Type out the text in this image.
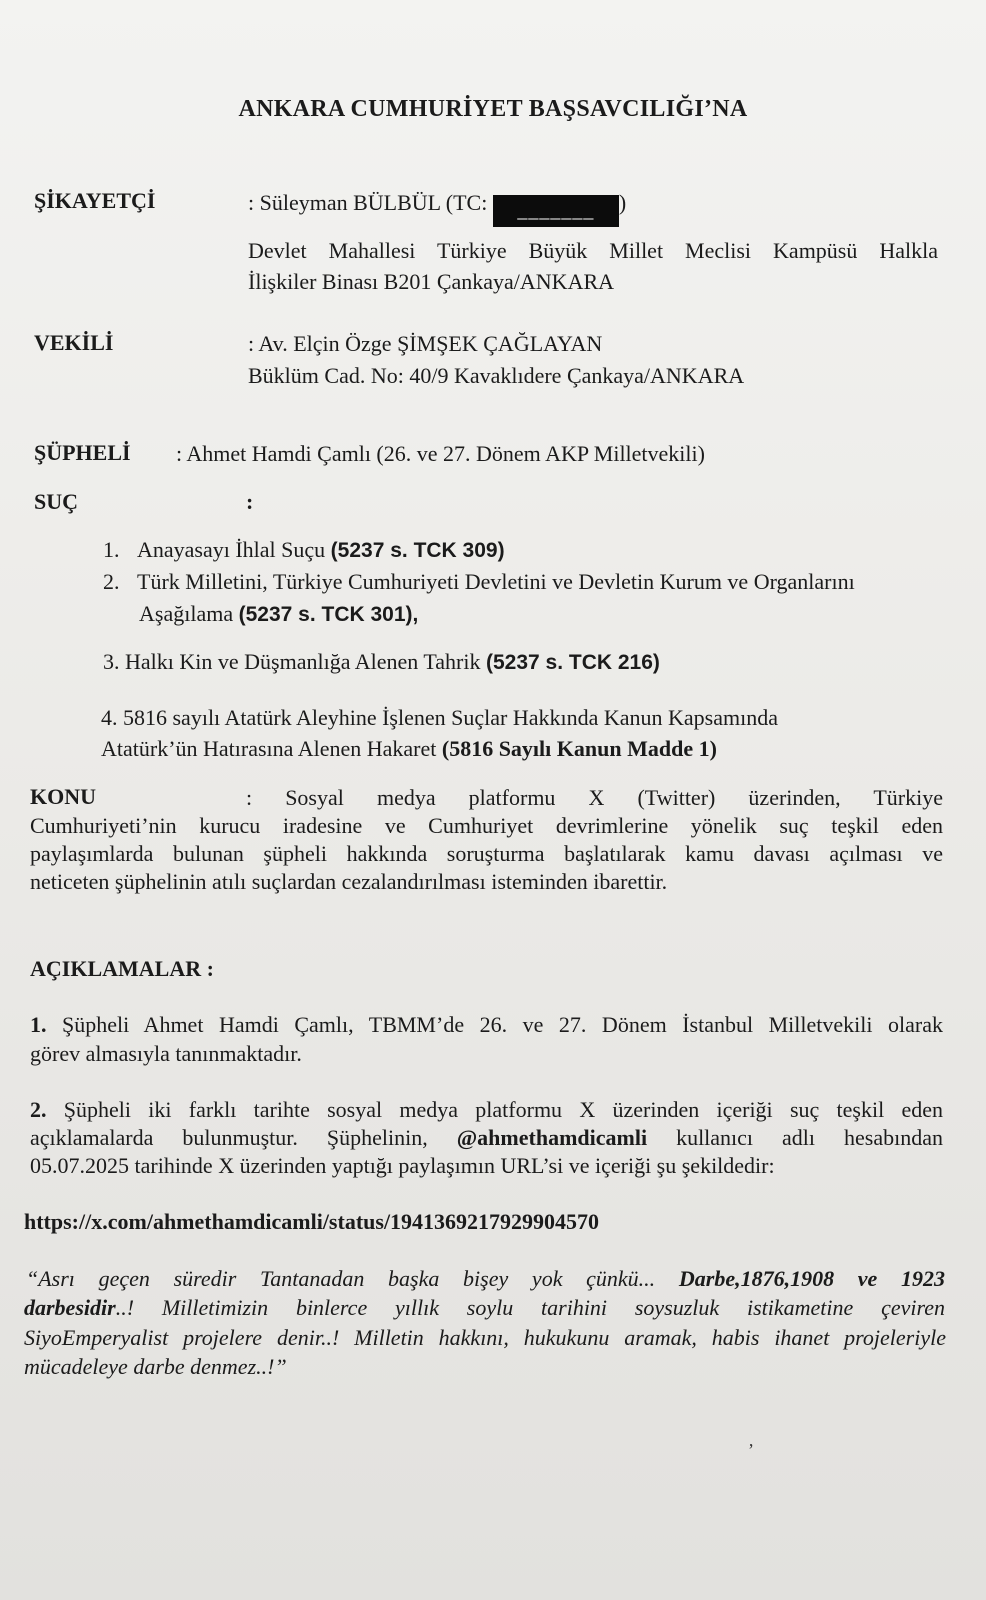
ANKARA CUMHURİYET BAŞSAVCILIĞI’NA
ŞİKAYETÇİ	: Süleyman BÜLBÜL (TC: _______ )
Devlet Mahallesi Türkiye Büyük Millet Meclisi Kampüsü Halkla
İlişkiler Binası B201 Çankaya/ANKARA
VEKİLİ	: Av. Elçin Özge ŞİMŞEK ÇAĞLAYAN
Büklüm Cad. No: 40/9 Kavaklıdere Çankaya/ANKARA
ŞÜPHELİ : Ahmet Hamdi Çamlı (26. ve 27. Dönem AKP Milletvekili)
SUÇ	:
1. Anayasayı İhlal Suçu (5237 s. TCK 309)
2. Türk Milletini, Türkiye Cumhuriyeti Devletini ve Devletin Kurum ve Organlarını
Aşağılama (5237 s. TCK 301),
3. Halkı Kin ve Düşmanlığa Alenen Tahrik (5237 s. TCK 216)
4. 5816 sayılı Atatürk Aleyhine İşlenen Suçlar Hakkında Kanun Kapsamında
Atatürk’ün Hatırasına Alenen Hakaret (5816 Sayılı Kanun Madde 1)
KONU	: Sosyal medya platformu X (Twitter) üzerinden, Türkiye
Cumhuriyeti’nin kurucu iradesine ve Cumhuriyet devrimlerine yönelik suç teşkil eden
paylaşımlarda bulunan şüpheli hakkında soruşturma başlatılarak kamu davası açılması ve
neticeten şüphelinin atılı suçlardan cezalandırılması isteminden ibarettir.
AÇIKLAMALAR :
1. Şüpheli Ahmet Hamdi Çamlı, TBMM’de 26. ve 27. Dönem İstanbul Milletvekili olarak
görev almasıyla tanınmaktadır.
2. Şüpheli iki farklı tarihte sosyal medya platformu X üzerinden içeriği suç teşkil eden
açıklamalarda bulunmuştur. Şüphelinin, @ahmethamdicamli kullanıcı adlı hesabından
05.07.2025 tarihinde X üzerinden yaptığı paylaşımın URL’si ve içeriği şu şekildedir:
https://x.com/ahmethamdicamli/status/1941369217929904570
“Asrı geçen süredir Tantanadan başka bişey yok çünkü... Darbe,1876,1908 ve 1923
darbesidir..! Milletimizin binlerce yıllık soylu tarihini soysuzluk istikametine çeviren
SiyoEmperyalist projelere denir..! Milletin hakkını, hukukunu aramak, habis ihanet projeleriyle
mücadeleye darbe denmez..!”
’
